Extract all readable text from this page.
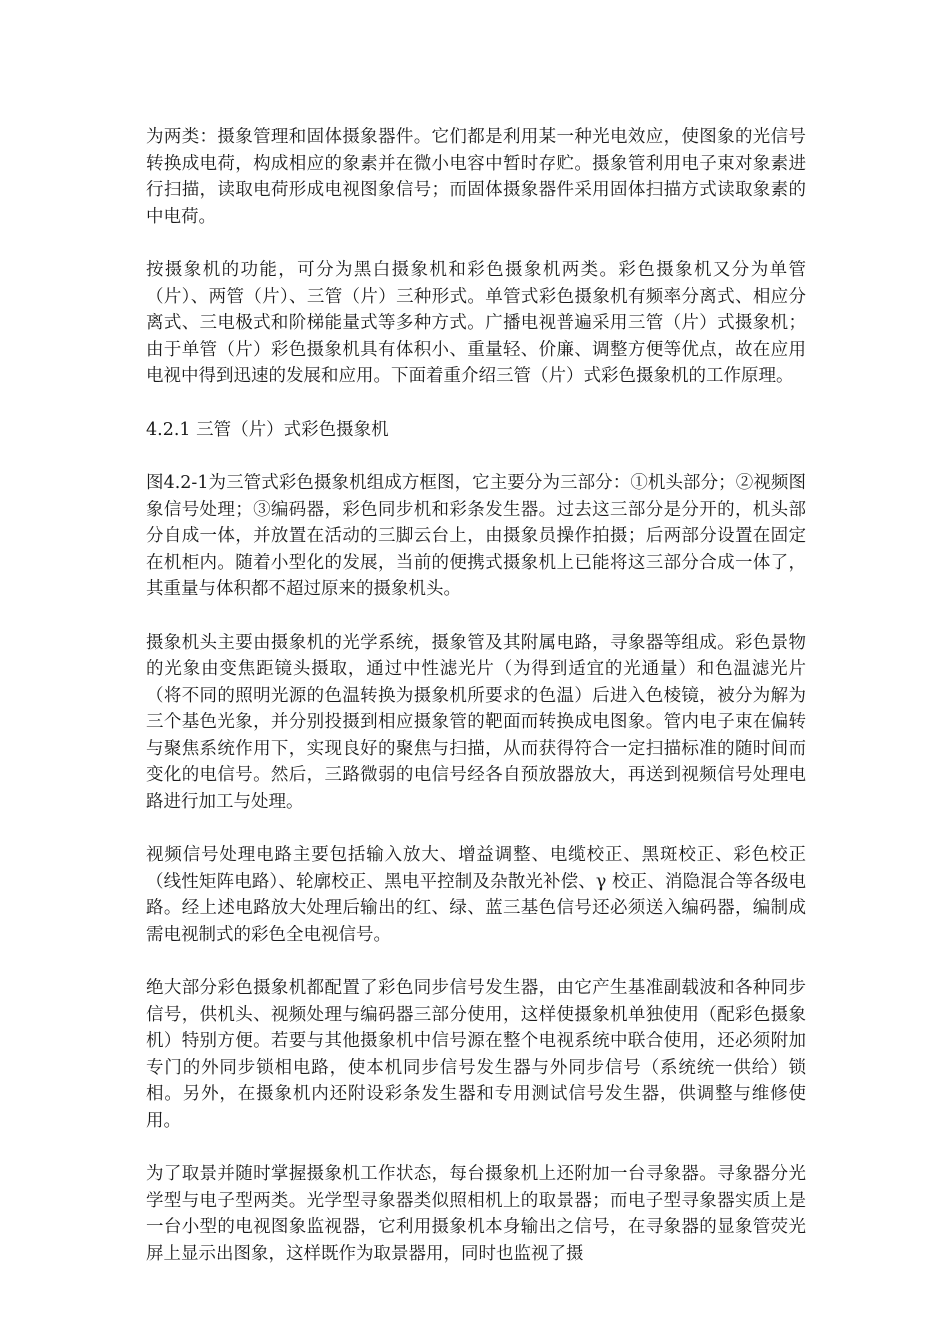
为两类：摄象管理和固体摄象器件。它们都是利用某一种光电效应，使图象的光信号转换成电荷，构成相应的象素并在微小电容中暂时存贮。摄象管利用电子束对象素进行扫描，读取电荷形成电视图象信号；而固体摄象器件采用固体扫描方式读取象素的中电荷。

按摄象机的功能，可分为黑白摄象机和彩色摄象机两类。彩色摄象机又分为单管（片）、两管（片）、三管（片）三种形式。单管式彩色摄象机有频率分离式、相应分离式、三电极式和阶梯能量式等多种方式。广播电视普遍采用三管（片）式摄象机；由于单管（片）彩色摄象机具有体积小、重量轻、价廉、调整方便等优点，故在应用电视中得到迅速的发展和应用。下面着重介绍三管（片）式彩色摄象机的工作原理。

4.2.1 三管（片）式彩色摄象机

图4.2-1为三管式彩色摄象机组成方框图，它主要分为三部分：①机头部分；②视频图象信号处理；③编码器，彩色同步机和彩条发生器。过去这三部分是分开的，机头部分自成一体，并放置在活动的三脚云台上，由摄象员操作拍摄；后两部分设置在固定在机柜内。随着小型化的发展，当前的便携式摄象机上已能将这三部分合成一体了，其重量与体积都不超过原来的摄象机头。

摄象机头主要由摄象机的光学系统，摄象管及其附属电路，寻象器等组成。彩色景物的光象由变焦距镜头摄取，通过中性滤光片（为得到适宜的光通量）和色温滤光片（将不同的照明光源的色温转换为摄象机所要求的色温）后进入色棱镜，被分为解为三个基色光象，并分别投摄到相应摄象管的靶面而转换成电图象。管内电子束在偏转与聚焦系统作用下，实现良好的聚焦与扫描，从而获得符合一定扫描标准的随时间而变化的电信号。然后，三路微弱的电信号经各自预放器放大，再送到视频信号处理电路进行加工与处理。

视频信号处理电路主要包括输入放大、增益调整、电缆校正、黑斑校正、彩色校正（线性矩阵电路）、轮廓校正、黑电平控制及杂散光补偿、γ 校正、消隐混合等各级电路。经上述电路放大处理后输出的红、绿、蓝三基色信号还必须送入编码器，编制成需电视制式的彩色全电视信号。

绝大部分彩色摄象机都配置了彩色同步信号发生器，由它产生基准副载波和各种同步信号，供机头、视频处理与编码器三部分使用，这样使摄象机单独使用（配彩色摄象机）特别方便。若要与其他摄象机中信号源在整个电视系统中联合使用，还必须附加专门的外同步锁相电路，使本机同步信号发生器与外同步信号（系统统一供给）锁相。另外，在摄象机内还附设彩条发生器和专用测试信号发生器，供调整与维修使用。

为了取景并随时掌握摄象机工作状态，每台摄象机上还附加一台寻象器。寻象器分光学型与电子型两类。光学型寻象器类似照相机上的取景器；而电子型寻象器实质上是一台小型的电视图象监视器，它利用摄象机本身输出之信号，在寻象器的显象管荧光屏上显示出图象，这样既作为取景器用，同时也监视了摄
